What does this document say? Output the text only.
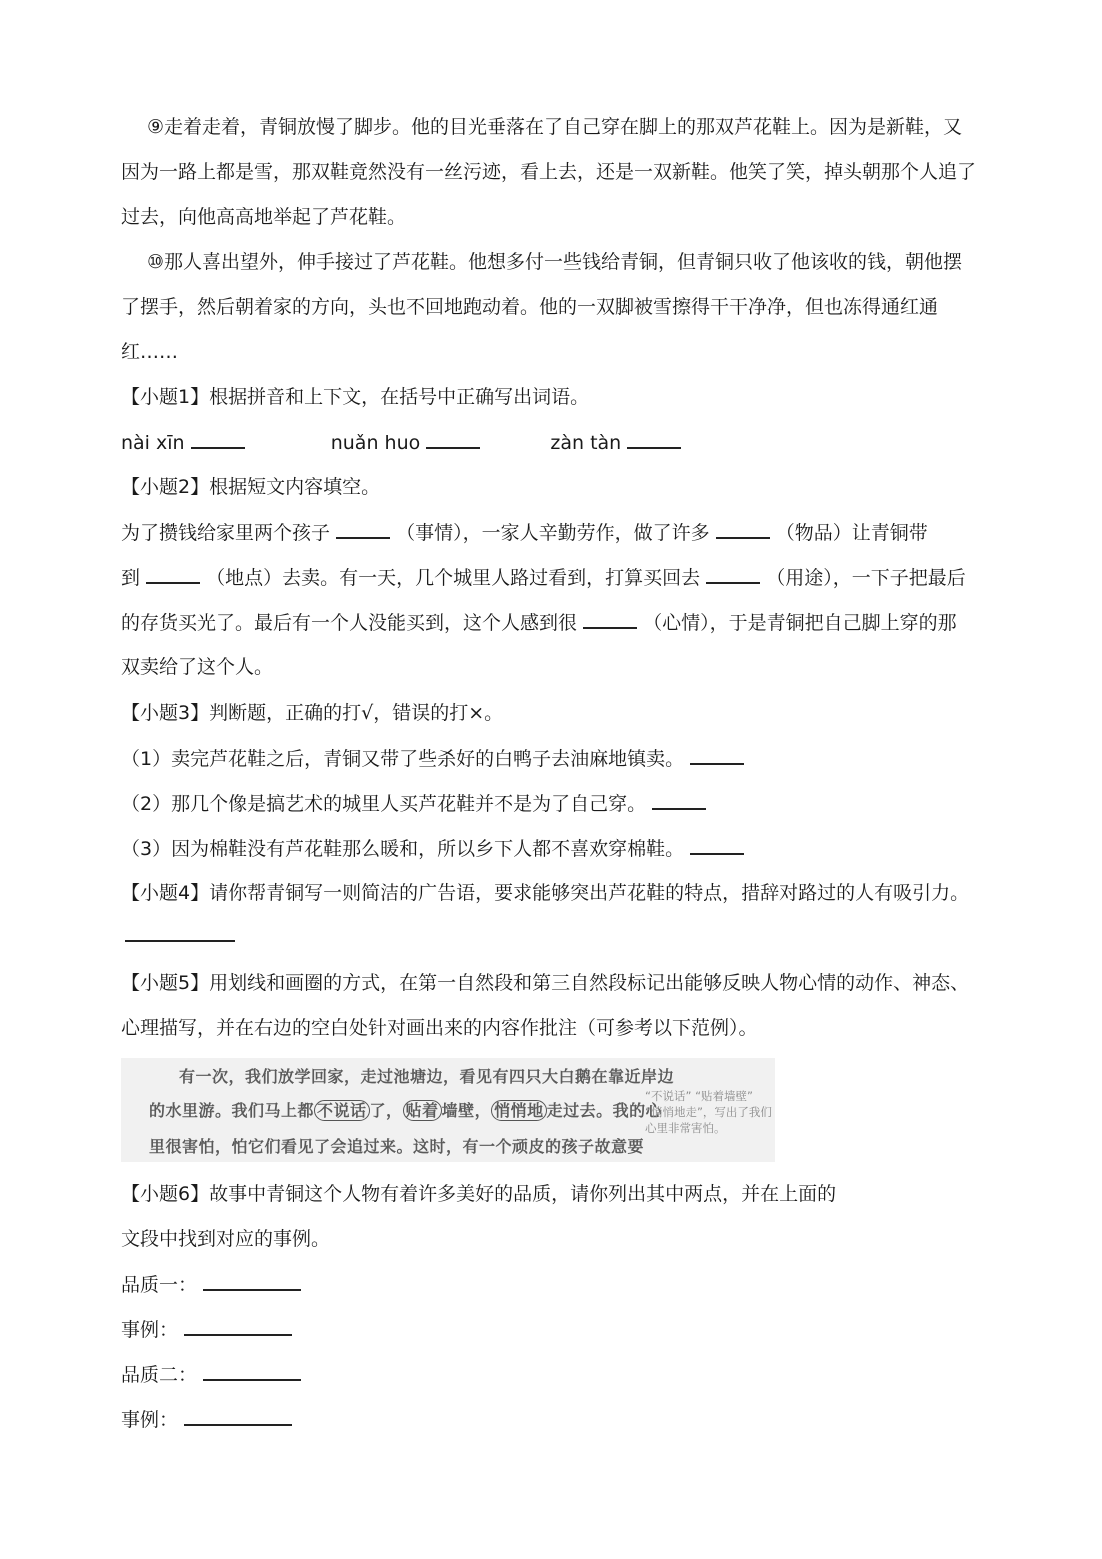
⑨走着走着，青铜放慢了脚步。他的目光垂落在了自己穿在脚上的那双芦花鞋上。因为是新鞋，又
因为一路上都是雪，那双鞋竟然没有一丝污迹，看上去，还是一双新鞋。他笑了笑，掉头朝那个人追了
过去，向他高高地举起了芦花鞋。
⑩那人喜出望外，伸手接过了芦花鞋。他想多付一些钱给青铜，但青铜只收了他该收的钱，朝他摆
了摆手，然后朝着家的方向，头也不回地跑动着。他的一双脚被雪擦得干干净净，但也冻得通红通
红……
【小题1】根据拼音和上下文，在括号中正确写出词语。
nài xīn	nuǎn huo	zàn tàn
【小题2】根据短文内容填空。
为了攒钱给家里两个孩子	（事情），一家人辛勤劳作，做了许多	（物品）让青铜带
到	（地点）去卖。有一天，几个城里人路过看到，打算买回去	（用途），一下子把最后
的存货买光了。最后有一个人没能买到，这个人感到很	（心情），于是青铜把自己脚上穿的那
双卖给了这个人。
【小题3】判断题，正确的打√，错误的打×。
（1）卖完芦花鞋之后，青铜又带了些杀好的白鸭子去油麻地镇卖。
（2）那几个像是搞艺术的城里人买芦花鞋并不是为了自己穿。
（3）因为棉鞋没有芦花鞋那么暖和，所以乡下人都不喜欢穿棉鞋。
【小题4】请你帮青铜写一则简洁的广告语，要求能够突出芦花鞋的特点，措辞对路过的人有吸引力。
【小题5】用划线和画圈的方式，在第一自然段和第三自然段标记出能够反映人物心情的动作、神态、
心理描写，并在右边的空白处针对画出来的内容作批注（可参考以下范例）。
有一次，我们放学回家，走过池塘边，看见有四只大白鹅在靠近岸边
的水里游。我们马上都 不说话 了， 贴着 墙壁， 悄悄地 走过去。我的心
里很害怕，怕它们看见了会追过来。这时，有一个顽皮的孩子故意要
“不说话” “贴着墙壁” “悄悄地走”，写出了我们心里非常害怕。
【小题6】故事中青铜这个人物有着许多美好的品质，请你列出其中两点，并在上面的
文段中找到对应的事例。
品质一：
事例：
品质二：
事例：
